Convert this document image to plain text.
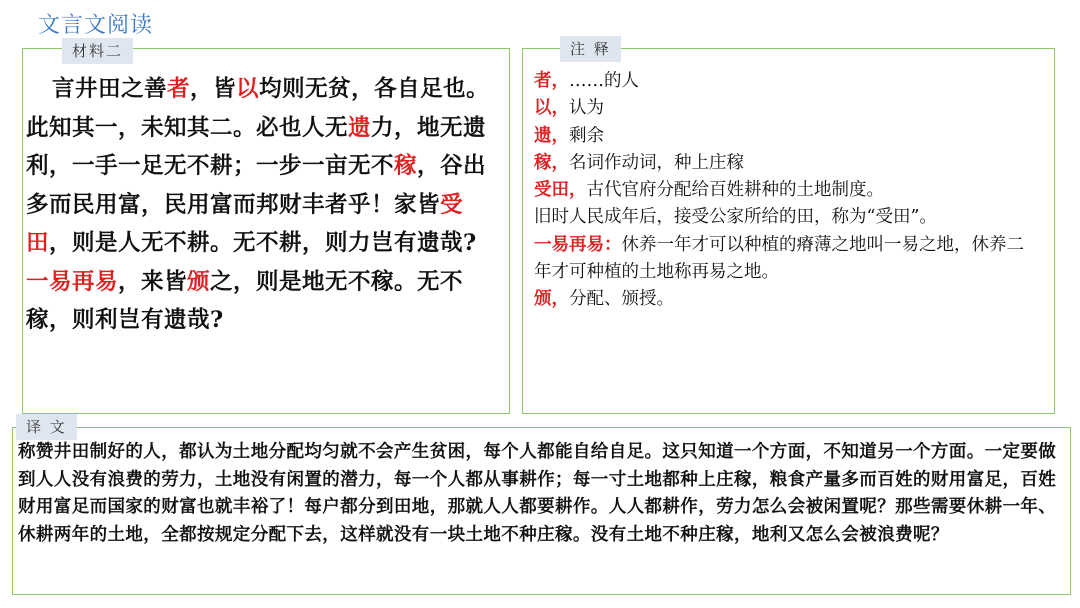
文言文阅读
材料二

言井田之善者，皆以均则无贫，各自足也。此知其一，未知其二。必也人无遗力，地无遗利，一手一足无不耕；一步一亩无不稼，谷出多而民用富，民用富而邦财丰者乎！家皆受田，则是人无不耕。无不耕，则力岂有遗哉?一易再易，来皆颁之，则是地无不稼。无不稼，则利岂有遗哉?

注 释
者，……的人
以，认为
遗，剩余
稼，名词作动词，种上庄稼
受田，古代官府分配给百姓耕种的土地制度。
旧时人民成年后，接受公家所给的田，称为“受田”。
一易再易：休养一年才可以种植的瘠薄之地叫一易之地，休养二年才可种植的土地称再易之地。
颁，分配、颁授。
译 文

称赞井田制好的人，都认为土地分配均匀就不会产生贫困，每个人都能自给自足。这只知道一个方面，不知道另一个方面。一定要做到人人没有浪费的劳力，土地没有闲置的潜力，每一个人都从事耕作；每一寸土地都种上庄稼，粮食产量多而百姓的财用富足，百姓财用富足而国家的财富也就丰裕了！每户都分到田地，那就人人都要耕作。人人都耕作，劳力怎么会被闲置呢？那些需要休耕一年、休耕两年的土地，全都按规定分配下去，这样就没有一块土地不种庄稼。没有土地不种庄稼，地利又怎么会被浪费呢？
